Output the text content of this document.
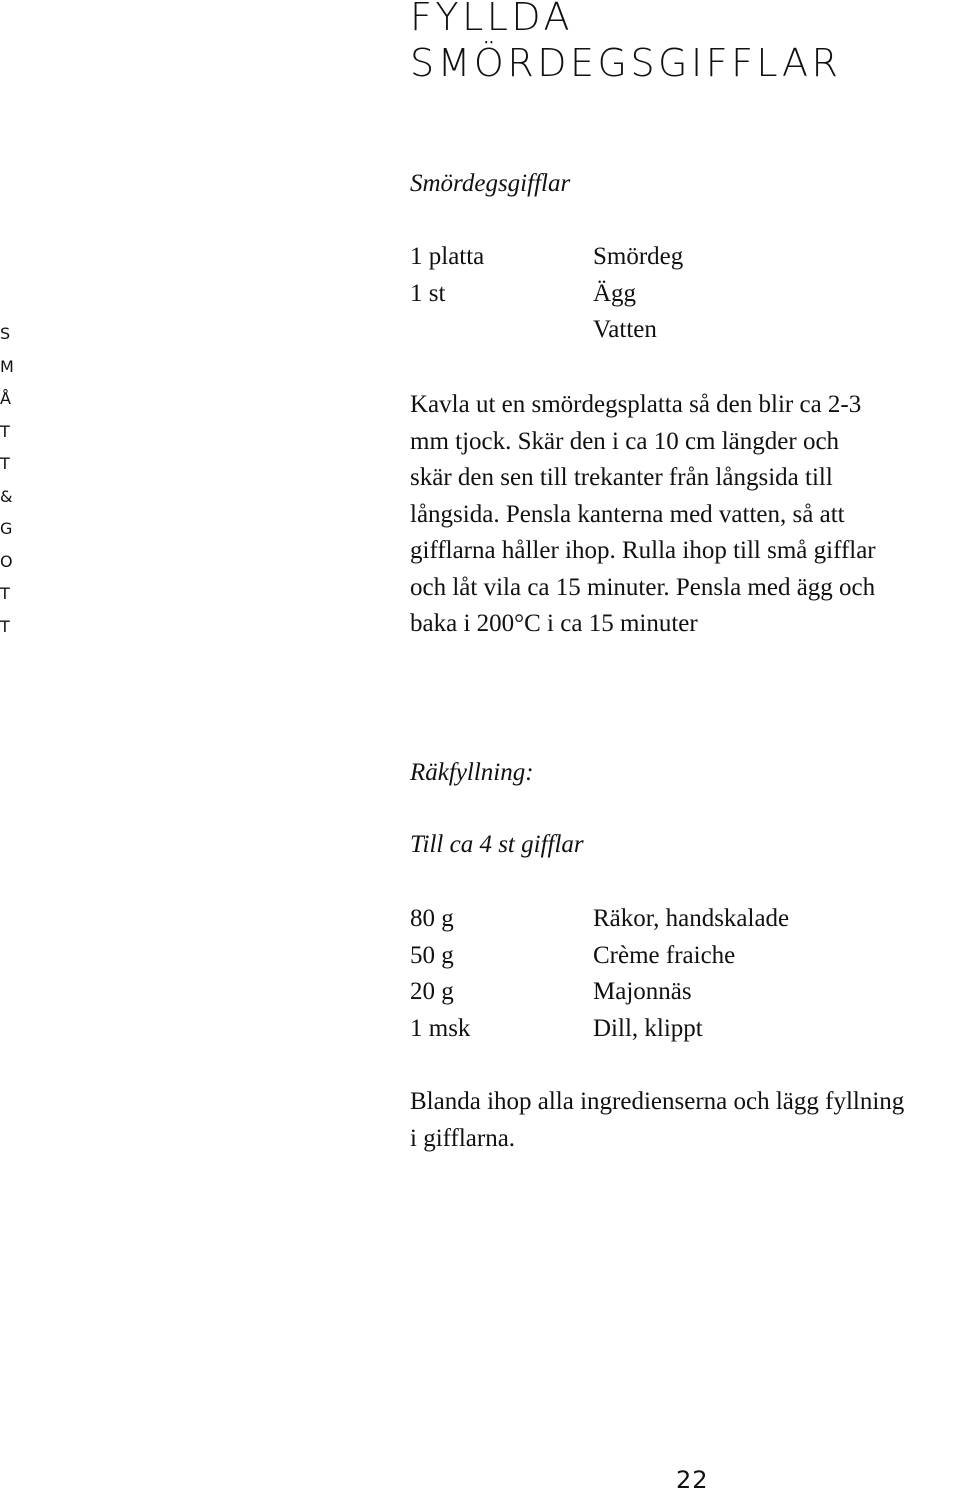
FYLLDA
SMÖRDEGSGIFFLAR
S
M
Å
T
T
&
G
O
T
T
Smördegsgifflar
1 platta	Smördeg
1 st	Ägg
	Vatten

Kavla ut en smördegsplatta så den blir ca 2-3 mm tjock. Skär den i ca 10 cm längder och skär den sen till trekanter från långsida till långsida. Pensla kanterna med vatten, så att gifflarna håller ihop. Rulla ihop till små gifflar och låt vila ca 15 minuter. Pensla med ägg och baka i 200°C i ca 15 minuter

Räkfyllning:
Till ca 4 st gifflar
80 g	Räkor, handskalade
50 g	Crème fraiche
20 g	Majonnäs
1 msk	Dill, klippt

Blanda ihop alla ingredienserna och lägg fyllning i gifflarna.

22
